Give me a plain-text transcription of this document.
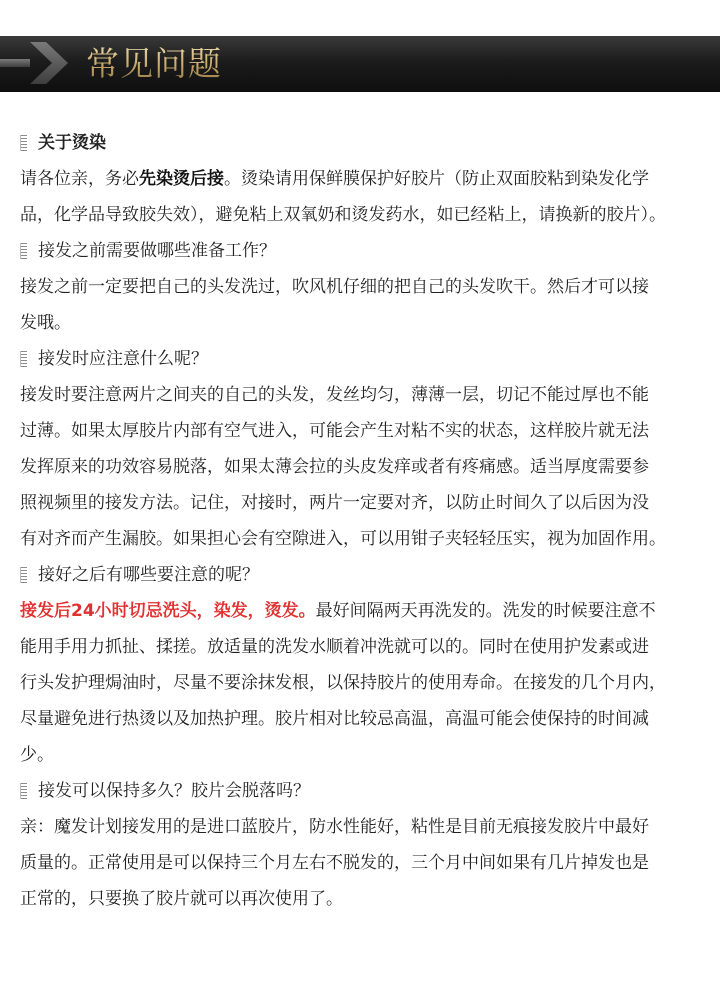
常见问题
关于烫染
请各位亲，务必先染烫后接。烫染请用保鲜膜保护好胶片（防止双面胶粘到染发化学
品，化学品导致胶失效），避免粘上双氧奶和烫发药水，如已经粘上，请换新的胶片）。
接发之前需要做哪些准备工作？
接发之前一定要把自己的头发洗过，吹风机仔细的把自己的头发吹干。然后才可以接
发哦。
接发时应注意什么呢？
接发时要注意两片之间夹的自己的头发，发丝均匀，薄薄一层，切记不能过厚也不能
过薄。如果太厚胶片内部有空气进入，可能会产生对粘不实的状态，这样胶片就无法
发挥原来的功效容易脱落，如果太薄会拉的头皮发痒或者有疼痛感。适当厚度需要参
照视频里的接发方法。记住，对接时，两片一定要对齐，以防止时间久了以后因为没
有对齐而产生漏胶。如果担心会有空隙进入，可以用钳子夹轻轻压实，视为加固作用。
接好之后有哪些要注意的呢？
接发后24小时切忌洗头，染发，烫发。最好间隔两天再洗发的。洗发的时候要注意不
能用手用力抓扯、揉搓。放适量的洗发水顺着冲洗就可以的。同时在使用护发素或进
行头发护理焗油时，尽量不要涂抹发根，以保持胶片的使用寿命。在接发的几个月内，
尽量避免进行热烫以及加热护理。胶片相对比较忌高温，高温可能会使保持的时间减
少。
接发可以保持多久？胶片会脱落吗？
亲：魔发计划接发用的是进口蓝胶片，防水性能好，粘性是目前无痕接发胶片中最好
质量的。正常使用是可以保持三个月左右不脱发的，三个月中间如果有几片掉发也是
正常的，只要换了胶片就可以再次使用了。
